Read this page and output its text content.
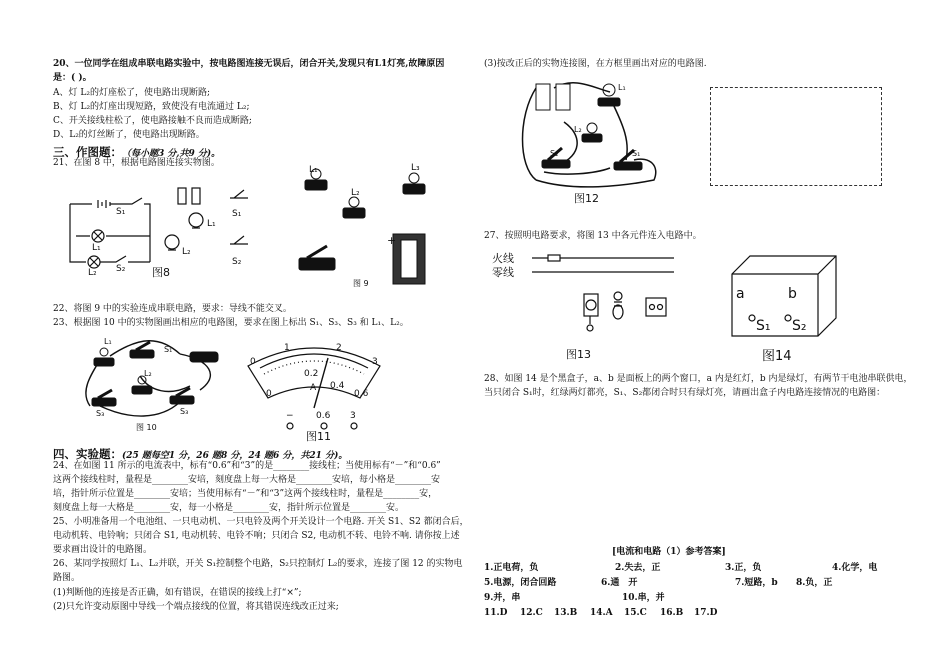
20、一位同学在组成串联电路实验中，按电路图连接无误后，闭合开关,发现只有L1灯亮,故障原因
是：( )。
A、灯 L₂的灯座松了，使电路出现断路;
B、灯 L₂的灯座出现短路，致使没有电流通过 L₂;
C、开关接线柱松了，使电路接触不良而造成断路;
D、L₂的灯丝断了，使电路出现断路。
三、作图题：（每小题3 分,共9 分)。
21、在图 8 中，根据电路图连接实物图。
S₁
L₁
L₂ S₂
L₁
L₂
S₁
S₂
图8
L₁
L₂
L₃
+
图 9
22、将图 9 中的实验连成串联电路，要求：导线不能交叉。
23、根据图 10 中的实物图画出相应的电路图，要求在图上标出 S₁、S₃、S₃ 和 L₁、L₂。
L₁
S₁
L₂
S₃	S₃
图 10
0
1	2
3
0
0.2
0.4
0.6
A
− 0.6 3
图11
四、实验题：(25 题每空1 分，26 题8 分，24 题6 分，共21 分)。
24、在如图 11 所示的电流表中，标有“0.6”和“3”的是________接线柱；当使用标有“－”和“0.6”
这两个接线柱时，量程是________安培，刻度盘上每一大格是________安培，每小格是________安
培，指针所示位置是________安培；当使用标有“－”和“3”这两个接线柱时，量程是________安，
刻度盘上每一大格是________安，每一小格是________安，指针所示位置是________安。
25、小明准备用一个电池组、一只电动机、一只电铃及两个开关设计一个电路. 开关 S1、S2 都闭合后，
电动机转、电铃响；只闭合 S1, 电动机转、电铃不响；只闭合 S2, 电动机不转、电铃不响. 请你按上述
要求画出设计的电路图。
26、某同学按照灯 L₁、L₂并联，开关 S₁控制整个电路，S₂只控制灯 L₂的要求，连接了图 12 的实物电
路图。
(1)判断他的连接是否正确，如有错误，在错误的接线上打“×”;
(2)只允许变动原图中导线一个端点接线的位置，将其错误连线改正过来;
(3)按改正后的实物连接图，在方框里画出对应的电路图.
L₁
L₂
S₂	S₁
图12
27、按照明电路要求，将图 13 中各元件连入电路中。
火线
零线
图13
a	b
S₁ S₂
图14
28、如图 14 是个黑盒子，a、b 是面板上的两个窗口，a 内是红灯，b 内是绿灯，有两节干电池串联供电，
当只闭合 S₁时，红绿两灯都亮，S₁、S₂都闭合时只有绿灯亮，请画出盒子内电路连接情况的电路图：
[电流和电路（1）参考答案]
1.正电荷，负	2.失去，正	3.正，负	4.化学，电
5.电源，闭合回路	6.通　开	7.短路，b 8.负，正
9.并，串	10.串，并
11.D 12.C 13.B 14.A 15.C 16.B 17.D
